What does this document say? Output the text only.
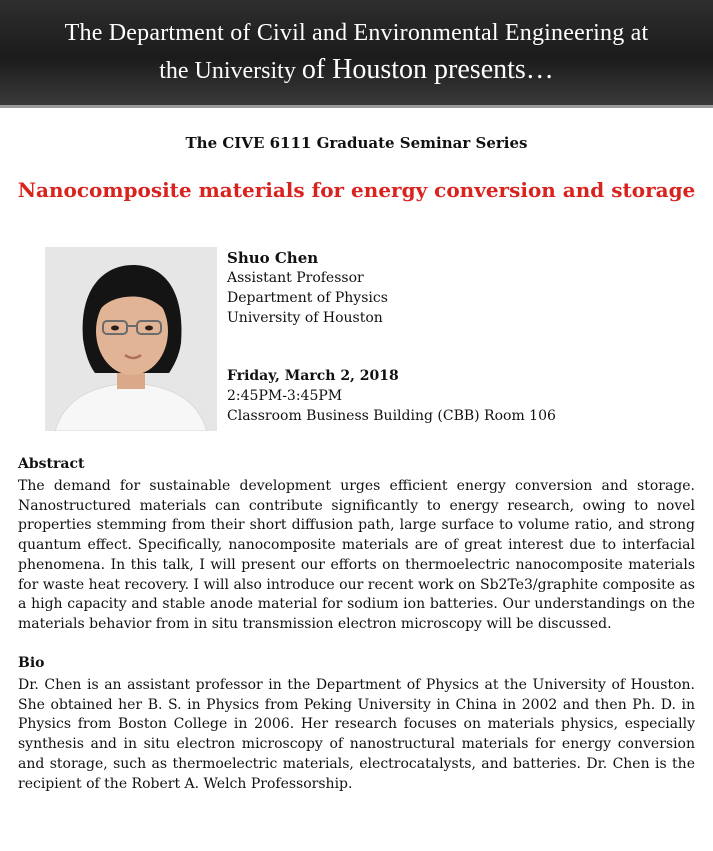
The Department of Civil and Environmental Engineering at
the University of Houston presents…
The CIVE 6111 Graduate Seminar Series
Nanocomposite materials for energy conversion and storage
Shuo Chen
Assistant Professor
Department of Physics
University of Houston
Friday, March 2, 2018
2:45PM-3:45PM
Classroom Business Building (CBB) Room 106
Abstract
The demand for sustainable development urges efficient energy conversion and storage. Nanostructured materials can contribute significantly to energy research, owing to novel properties stemming from their short diffusion path, large surface to volume ratio, and strong quantum effect. Specifically, nanocomposite materials are of great interest due to interfacial phenomena. In this talk, I will present our efforts on thermoelectric nanocomposite materials for waste heat recovery. I will also introduce our recent work on Sb2Te3/graphite composite as a high capacity and stable anode material for sodium ion batteries. Our understandings on the materials behavior from in situ transmission electron microscopy will be discussed.
Bio
Dr. Chen is an assistant professor in the Department of Physics at the University of Houston. She obtained her B. S. in Physics from Peking University in China in 2002 and then Ph. D. in Physics from Boston College in 2006. Her research focuses on materials physics, especially synthesis and in situ electron microscopy of nanostructural materials for energy conversion and storage, such as thermoelectric materials, electrocatalysts, and batteries. Dr. Chen is the recipient of the Robert A. Welch Professorship.
